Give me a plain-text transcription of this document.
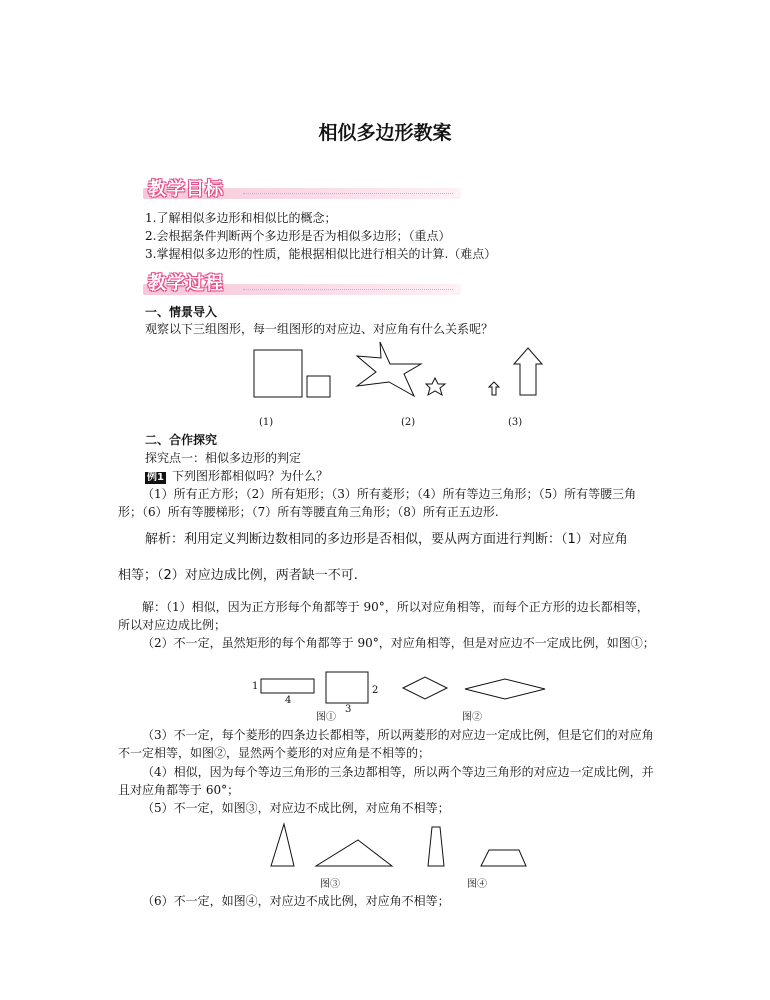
相似多边形教案
教学目标
1.了解相似多边形和相似比的概念；
2.会根据条件判断两个多边形是否为相似多边形；（重点）
3.掌握相似多边形的性质，能根据相似比进行相关的计算.（难点）
教学过程
一、情景导入
观察以下三组图形，每一组图形的对应边、对应角有什么关系呢？
(1)	(2)	(3)
二、合作探究
探究点一：相似多边形的判定
例1 下列图形都相似吗？为什么？
（1）所有正方形；（2）所有矩形；（3）所有菱形；（4）所有等边三角形；（5）所有等腰三角形；（6）所有等腰梯形；（7）所有等腰直角三角形；（8）所有正五边形.
解析：利用定义判断边数相同的多边形是否相似，要从两方面进行判断：（1）对应角
相等；（2）对应边成比例，两者缺一不可.
解：（1）相似，因为正方形每个角都等于 90°，所以对应角相等，而每个正方形的边长都相等，所以对应边成比例；
（2）不一定，虽然矩形的每个角都等于 90°，对应角相等，但是对应边不一定成比例，如图①；
1
4
2
3
图①	图②
（3）不一定，每个菱形的四条边长都相等，所以两菱形的对应边一定成比例，但是它们的对应角不一定相等，如图②，显然两个菱形的对应角是不相等的；
（4）相似，因为每个等边三角形的三条边都相等，所以两个等边三角形的对应边一定成比例，并且对应角都等于 60°；
（5）不一定，如图③，对应边不成比例，对应角不相等；
图③	图④
（6）不一定，如图④，对应边不成比例，对应角不相等；
